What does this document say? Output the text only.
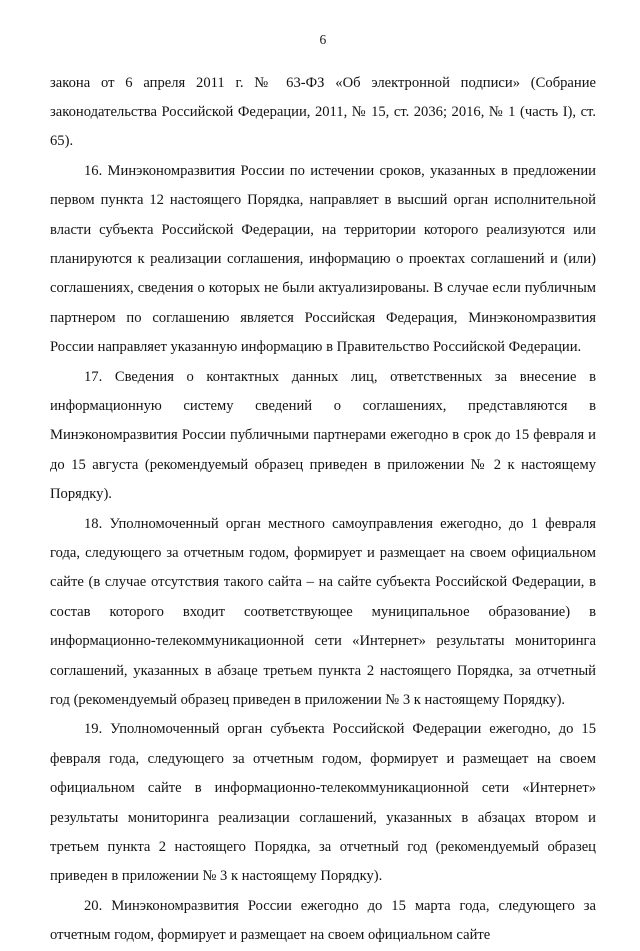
6

закона от 6 апреля 2011 г. № 63-ФЗ «Об электронной подписи» (Собрание законодательства Российской Федерации, 2011, № 15, ст. 2036; 2016, № 1 (часть I), ст. 65).

16. Минэкономразвития России по истечении сроков, указанных в предложении первом пункта 12 настоящего Порядка, направляет в высший орган исполнительной власти субъекта Российской Федерации, на территории которого реализуются или планируются к реализации соглашения, информацию о проектах соглашений и (или) соглашениях, сведения о которых не были актуализированы. В случае если публичным партнером по соглашению является Российская Федерация, Минэкономразвития России направляет указанную информацию в Правительство Российской Федерации.

17. Сведения о контактных данных лиц, ответственных за внесение в информационную систему сведений о соглашениях, представляются в Минэкономразвития России публичными партнерами ежегодно в срок до 15 февраля и до 15 августа (рекомендуемый образец приведен в приложении № 2 к настоящему Порядку).

18. Уполномоченный орган местного самоуправления ежегодно, до 1 февраля года, следующего за отчетным годом, формирует и размещает на своем официальном сайте (в случае отсутствия такого сайта – на сайте субъекта Российской Федерации, в состав которого входит соответствующее муниципальное образование) в информационно-телекоммуникационной сети «Интернет» результаты мониторинга соглашений, указанных в абзаце третьем пункта 2 настоящего Порядка, за отчетный год (рекомендуемый образец приведен в приложении № 3 к настоящему Порядку).

19. Уполномоченный орган субъекта Российской Федерации ежегодно, до 15 февраля года, следующего за отчетным годом, формирует и размещает на своем официальном сайте в информационно-телекоммуникационной сети «Интернет» результаты мониторинга реализации соглашений, указанных в абзацах втором и третьем пункта 2 настоящего Порядка, за отчетный год (рекомендуемый образец приведен в приложении № 3 к настоящему Порядку).

20. Минэкономразвития России ежегодно до 15 марта года, следующего за отчетным годом, формирует и размещает на своем официальном сайте
